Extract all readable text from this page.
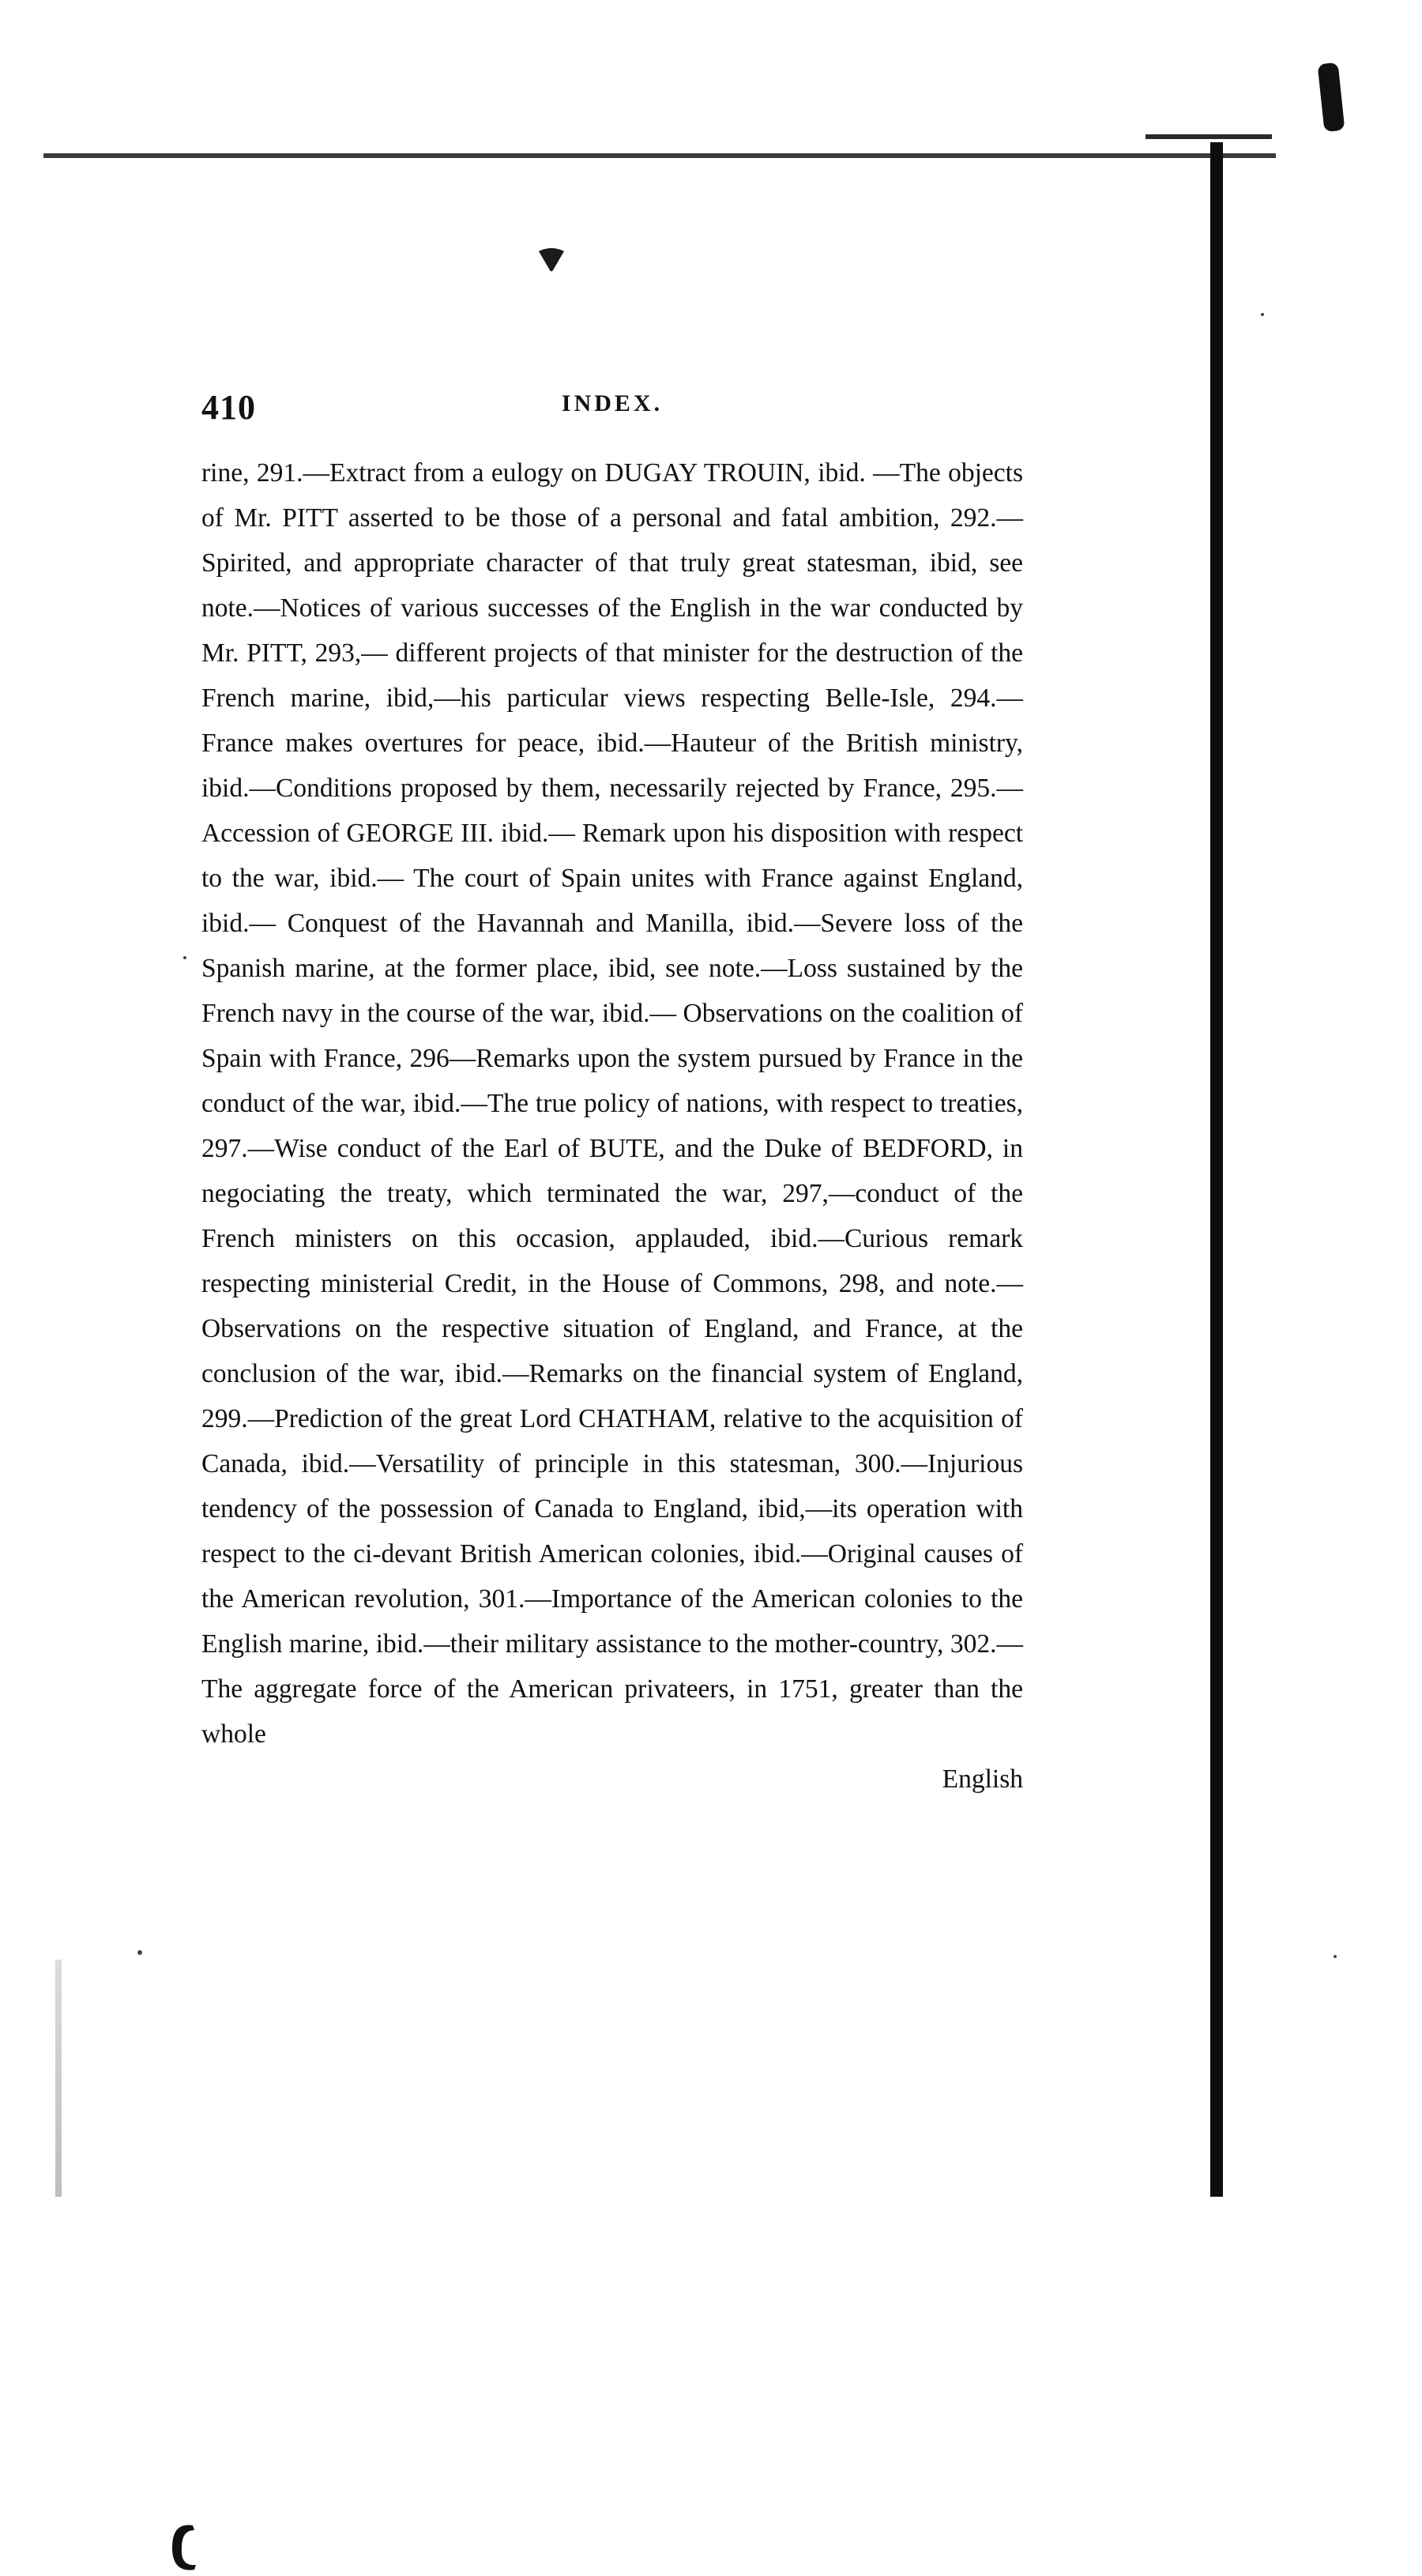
410	INDEX.
rine, 291.—Extract from a eulogy on DUGAY TROUIN, ibid. —The objects of Mr. PITT asserted to be those of a personal and fatal ambition, 292.—Spirited, and appropriate character of that truly great statesman, ibid, see note.—Notices of various successes of the English in the war conducted by Mr. PITT, 293,— different projects of that minister for the destruction of the French marine, ibid,—his particular views respecting Belle-Isle, 294.— France makes overtures for peace, ibid.—Hauteur of the British ministry, ibid.—Conditions proposed by them, necessarily rejected by France, 295.—Accession of GEORGE III. ibid.— Remark upon his disposition with respect to the war, ibid.— The court of Spain unites with France against England, ibid.— Conquest of the Havannah and Manilla, ibid.—Severe loss of the Spanish marine, at the former place, ibid, see note.—Loss sustained by the French navy in the course of the war, ibid.— Observations on the coalition of Spain with France, 296—Remarks upon the system pursued by France in the conduct of the war, ibid.—The true policy of nations, with respect to treaties, 297.—Wise conduct of the Earl of BUTE, and the Duke of BEDFORD, in negociating the treaty, which terminated the war, 297,—conduct of the French ministers on this occasion, applauded, ibid.—Curious remark respecting ministerial Credit, in the House of Commons, 298, and note.—Observations on the respective situation of England, and France, at the conclusion of the war, ibid.—Remarks on the financial system of England, 299.—Prediction of the great Lord CHATHAM, relative to the acquisition of Canada, ibid.—Versatility of principle in this statesman, 300.—Injurious tendency of the possession of Canada to England, ibid,—its operation with respect to the ci-devant British American colonies, ibid.—Original causes of the American revolution, 301.—Importance of the American colonies to the English marine, ibid.—their military assistance to the mother-country, 302.—The aggregate force of the American privateers, in 1751, greater than the whole
English
